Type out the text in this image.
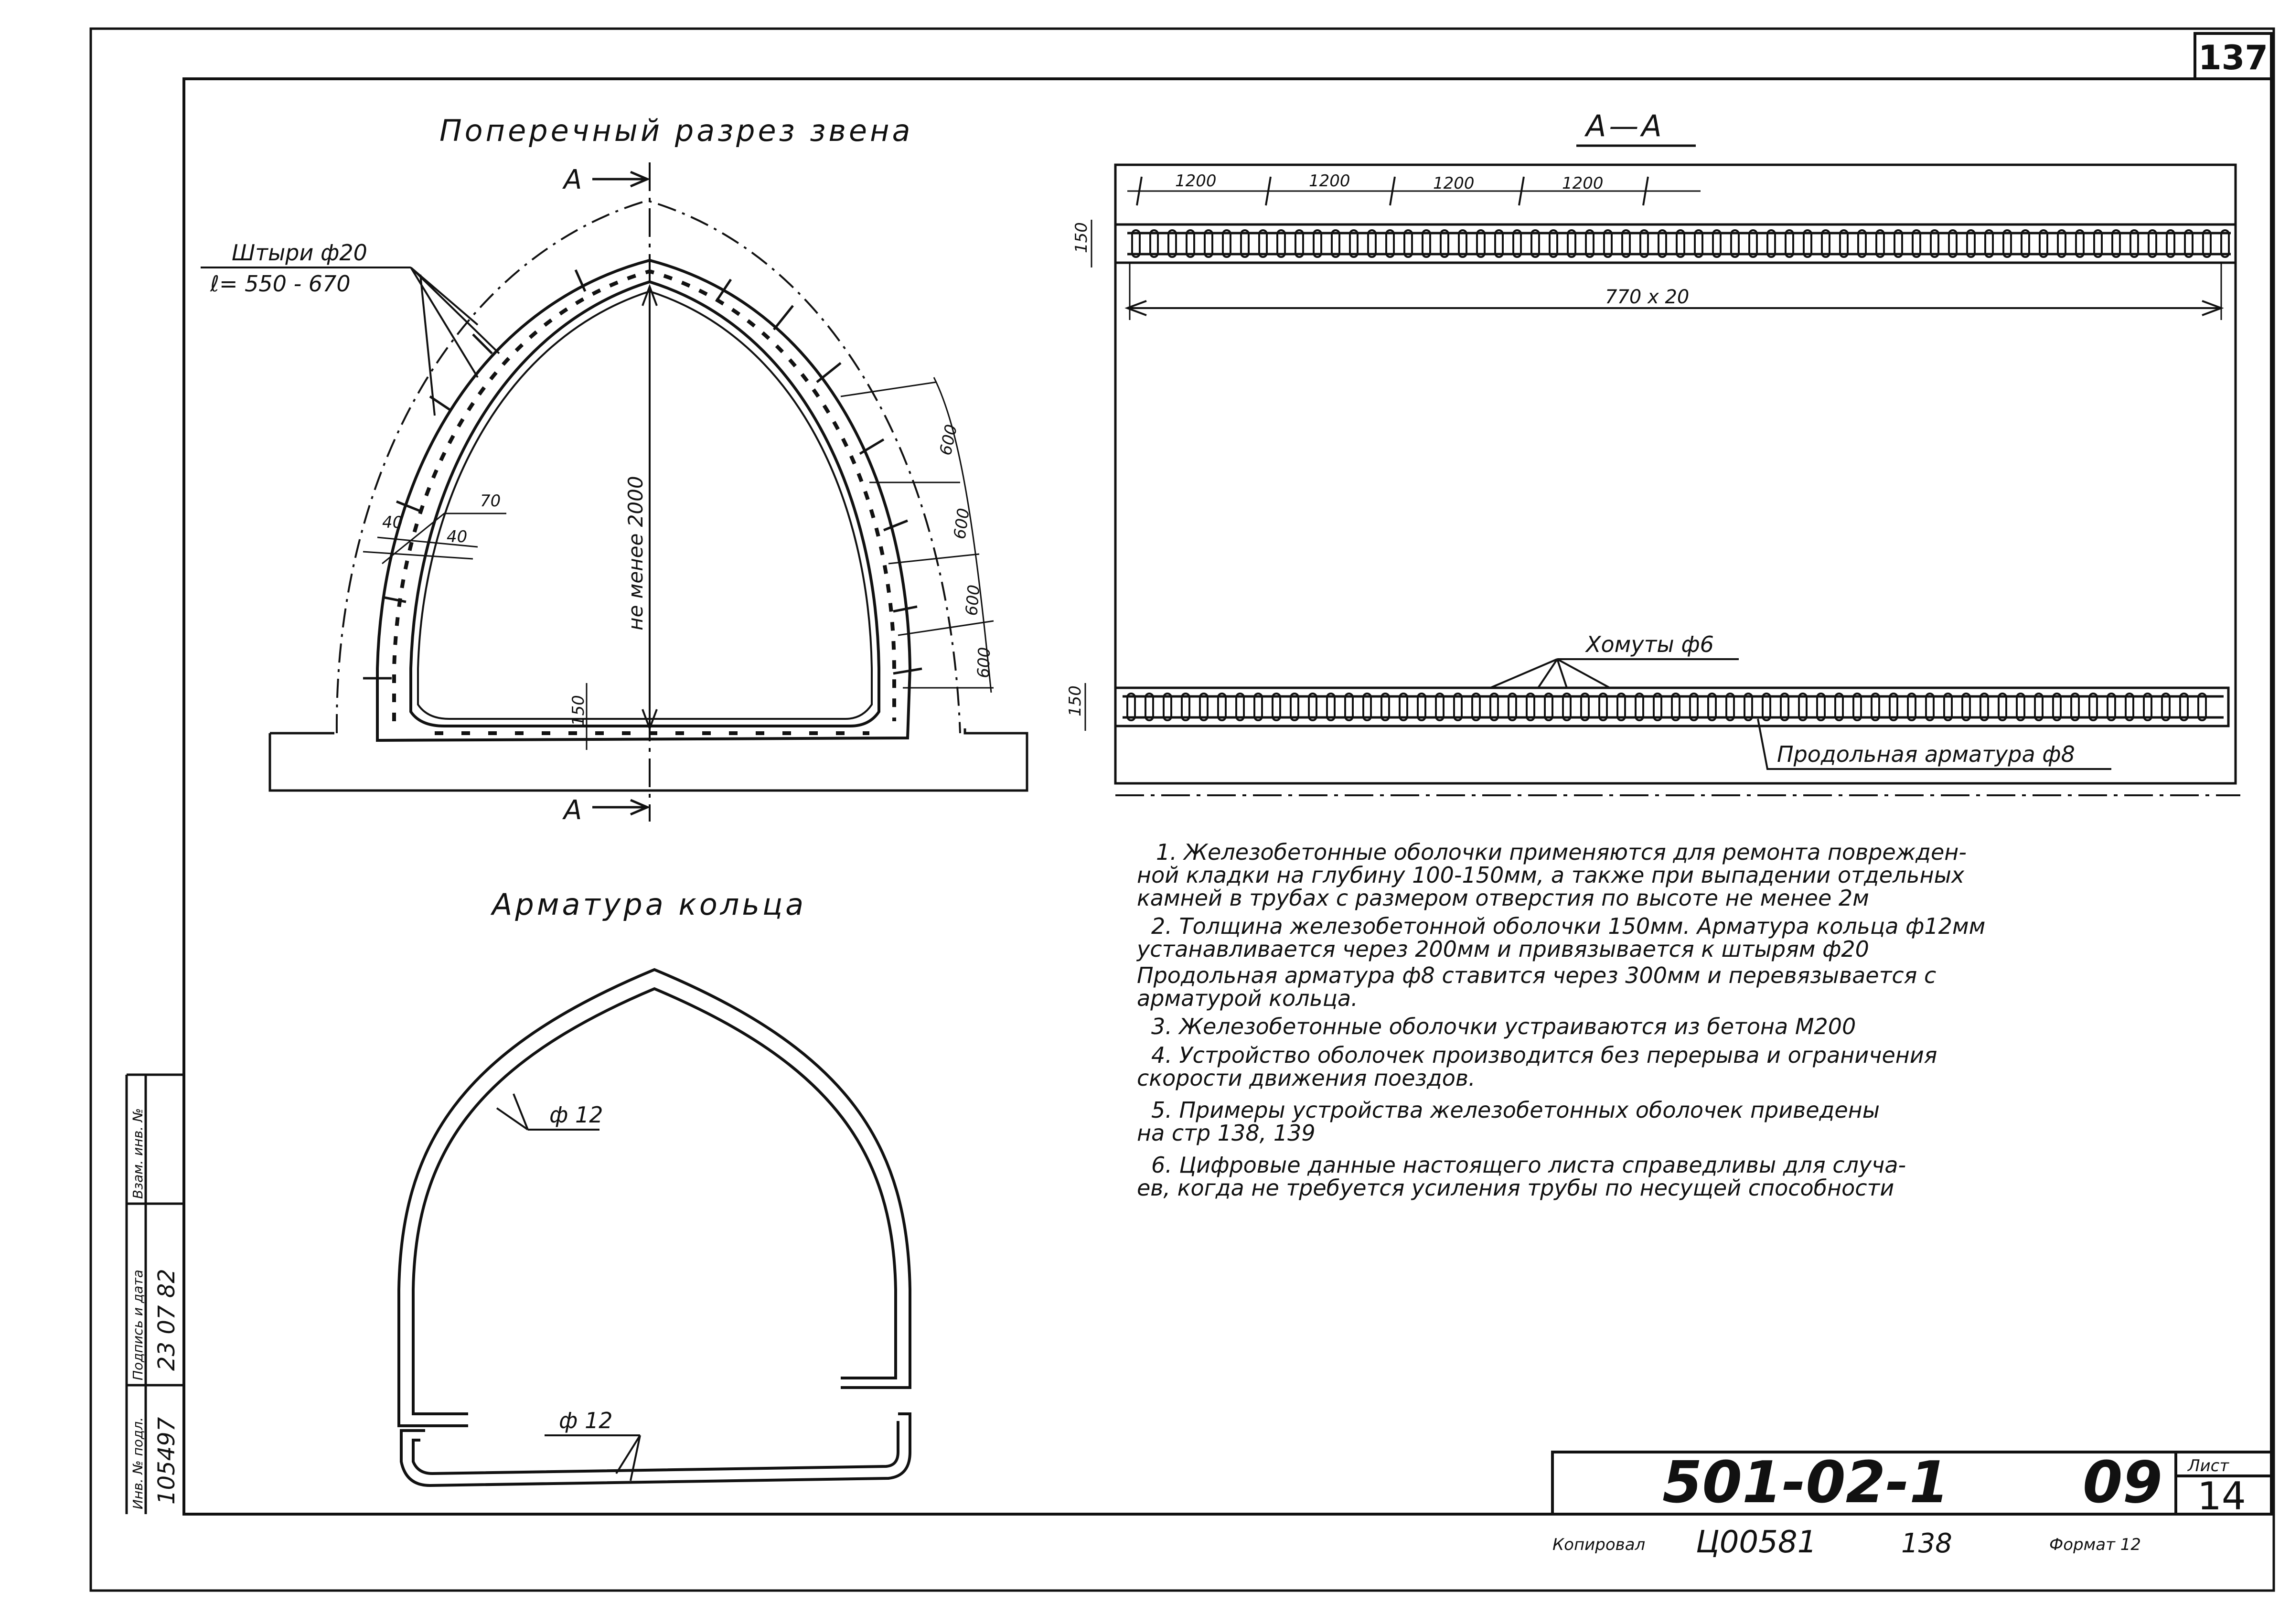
137
Поперечный разрез звена
А
А
не менее 2000
Штыри ф20
ℓ= 550 - 670
70
40
40
150
600
600
600
600
А—А
1200	1200	1200	1200
150
770 х 20
150
Хомуты ф6
Продольная арматура ф8
Арматура кольца
ф 12
ф 12
1. Железобетонные оболочки применяются для ремонта поврежден-
ной кладки на глубину 100-150мм, а также при выпадении отдельных
камней в трубах с размером отверстия по высоте не менее 2м
2. Толщина железобетонной оболочки 150мм. Арматура кольца ф12мм
устанавливается через 200мм и привязывается к штырям ф20
Продольная арматура ф8 ставится через 300мм и перевязывается с
арматурой кольца.
3. Железобетонные оболочки устраиваются из бетона М200
4. Устройство оболочек производится без перерыва и ограничения
скорости движения поездов.
5. Примеры устройства железобетонных оболочек приведены
на стр 138, 139
6. Цифровые данные настоящего листа справедливы для случа-
ев, когда не требуется усиления трубы по несущей способности
501-02-1 09 Лист
14
Копировал Ц00581	138	Формат 12
Инв. № подл.
Подпись и дата
Взам. инв. №
105497
23 07 82
